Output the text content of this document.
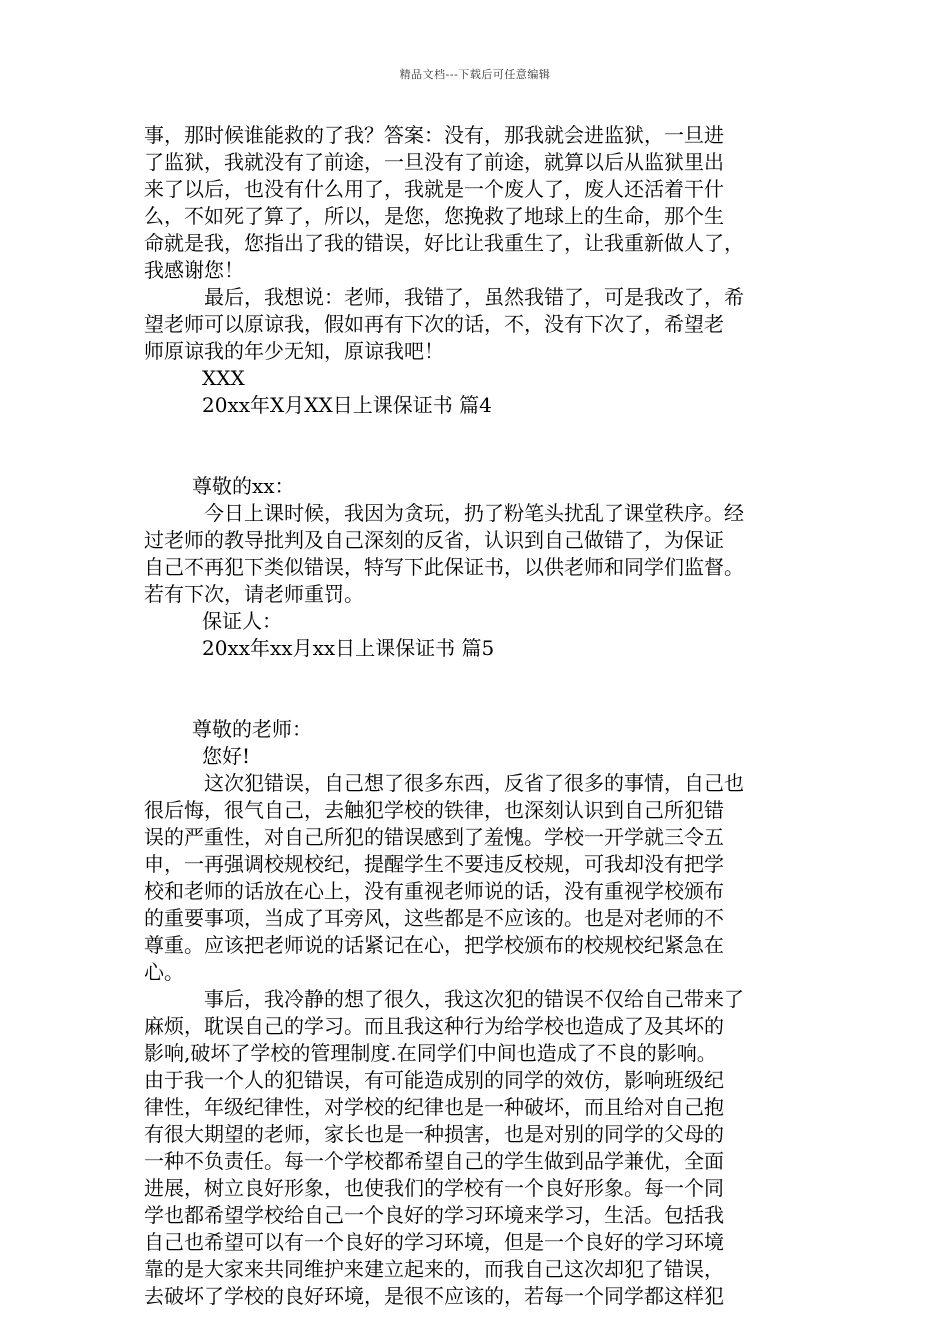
精品文档---下载后可任意编辑
事，那时候谁能救的了我？答案：没有，那我就会进监狱，一旦进
了监狱，我就没有了前途，一旦没有了前途，就算以后从监狱里出
来了以后，也没有什么用了，我就是一个废人了，废人还活着干什
么，不如死了算了，所以，是您，您挽救了地球上的生命，那个生
命就是我，您指出了我的错误，好比让我重生了，让我重新做人了，
我感谢您！
最后，我想说：老师，我错了，虽然我错了，可是我改了，希
望老师可以原谅我，假如再有下次的话，不，没有下次了，希望老
师原谅我的年少无知，原谅我吧！
XXX
20xx年X月XX日上课保证书 篇4
尊敬的xx：
今日上课时候，我因为贪玩，扔了粉笔头扰乱了课堂秩序。经
过老师的教导批判及自己深刻的反省，认识到自己做错了，为保证
自己不再犯下类似错误，特写下此保证书，以供老师和同学们监督。
若有下次，请老师重罚。
保证人：
20xx年xx月xx日上课保证书 篇5
尊敬的老师：
您好!
这次犯错误，自己想了很多东西，反省了很多的事情，自己也
很后悔，很气自己，去触犯学校的铁律，也深刻认识到自己所犯错
误的严重性，对自己所犯的错误感到了羞愧。学校一开学就三令五
申，一再强调校规校纪，提醒学生不要违反校规，可我却没有把学
校和老师的话放在心上，没有重视老师说的话，没有重视学校颁布
的重要事项，当成了耳旁风，这些都是不应该的。也是对老师的不
尊重。应该把老师说的话紧记在心，把学校颁布的校规校纪紧急在
心。
事后，我冷静的想了很久，我这次犯的错误不仅给自己带来了
麻烦，耽误自己的学习。而且我这种行为给学校也造成了及其坏的
影响,破坏了学校的管理制度.在同学们中间也造成了不良的影响。
由于我一个人的犯错误，有可能造成别的同学的效仿，影响班级纪
律性，年级纪律性，对学校的纪律也是一种破坏，而且给对自己抱
有很大期望的老师，家长也是一种损害，也是对别的同学的父母的
一种不负责任。每一个学校都希望自己的学生做到品学兼优，全面
进展，树立良好形象，也使我们的学校有一个良好形象。每一个同
学也都希望学校给自己一个良好的学习环境来学习，生活。包括我
自己也希望可以有一个良好的学习环境，但是一个良好的学习环境
靠的是大家来共同维护来建立起来的，而我自己这次却犯了错误，
去破坏了学校的良好环境，是很不应该的，若每一个同学都这样犯
